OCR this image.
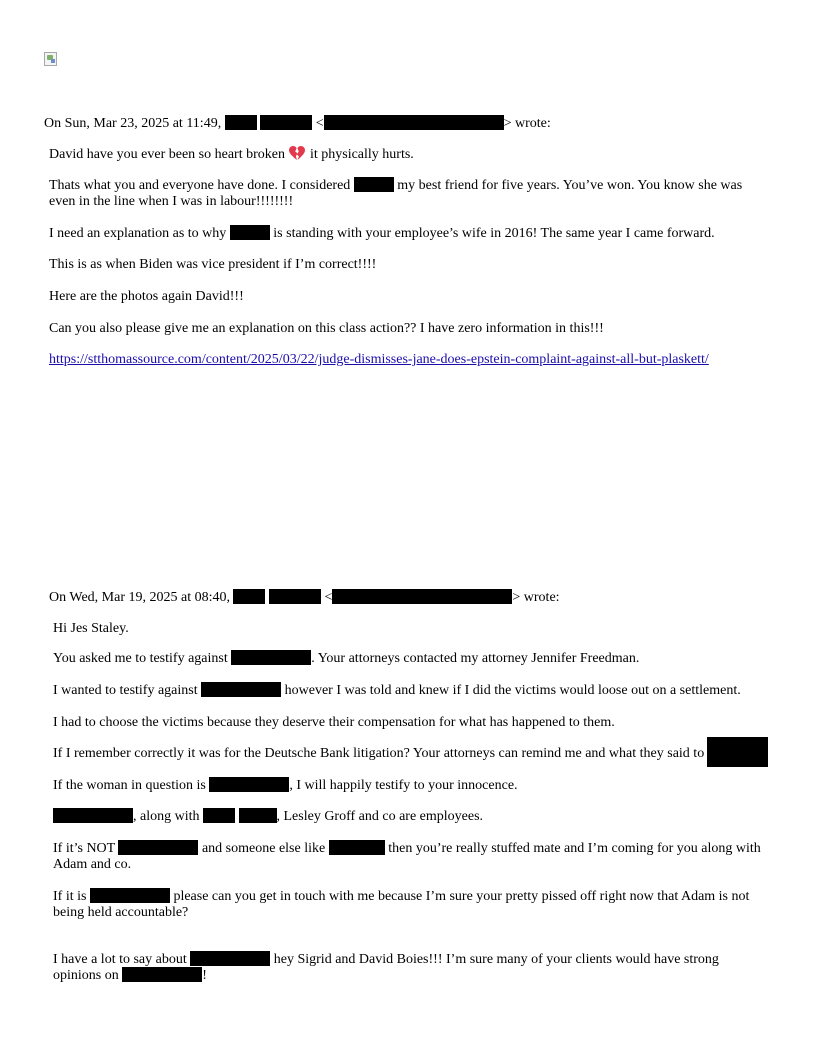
On Sun, Mar 23, 2025 at 11:49,	<	> wrote:
David have you ever been so heart broken it physically hurts.
Thats what you and everyone have done. I considered	my best friend for five years. You’ve won. You know she was
even in the line when I was in labour!!!!!!!!
I need an explanation as to why	is standing with your employee’s wife in 2016! The same year I came forward.
This is as when Biden was vice president if I’m correct!!!!
Here are the photos again David!!!
Can you also please give me an explanation on this class action?? I have zero information in this!!!
https://stthomassource.com/content/2025/03/22/judge-dismisses-jane-does-epstein-complaint-against-all-but-plaskett/
On Wed, Mar 19, 2025 at 08:40,	<	> wrote:
Hi Jes Staley.
You asked me to testify against	. Your attorneys contacted my attorney Jennifer Freedman.
I wanted to testify against	however I was told and knew if I did the victims would loose out on a settlement.
I had to choose the victims because they deserve their compensation for what has happened to them.
If I remember correctly it was for the Deutsche Bank litigation? Your attorneys can remind me and what they said to
If the woman in question is	, I will happily testify to your innocence.
, along with	, Lesley Groff and co are employees.
If it’s NOT	and someone else like	then you’re really stuffed mate and I’m coming for you along with
Adam and co.
If it is	please can you get in touch with me because I’m sure your pretty pissed off right now that Adam is not
being held accountable?
I have a lot to say about	hey Sigrid and David Boies!!! I’m sure many of your clients would have strong
opinions on	!
